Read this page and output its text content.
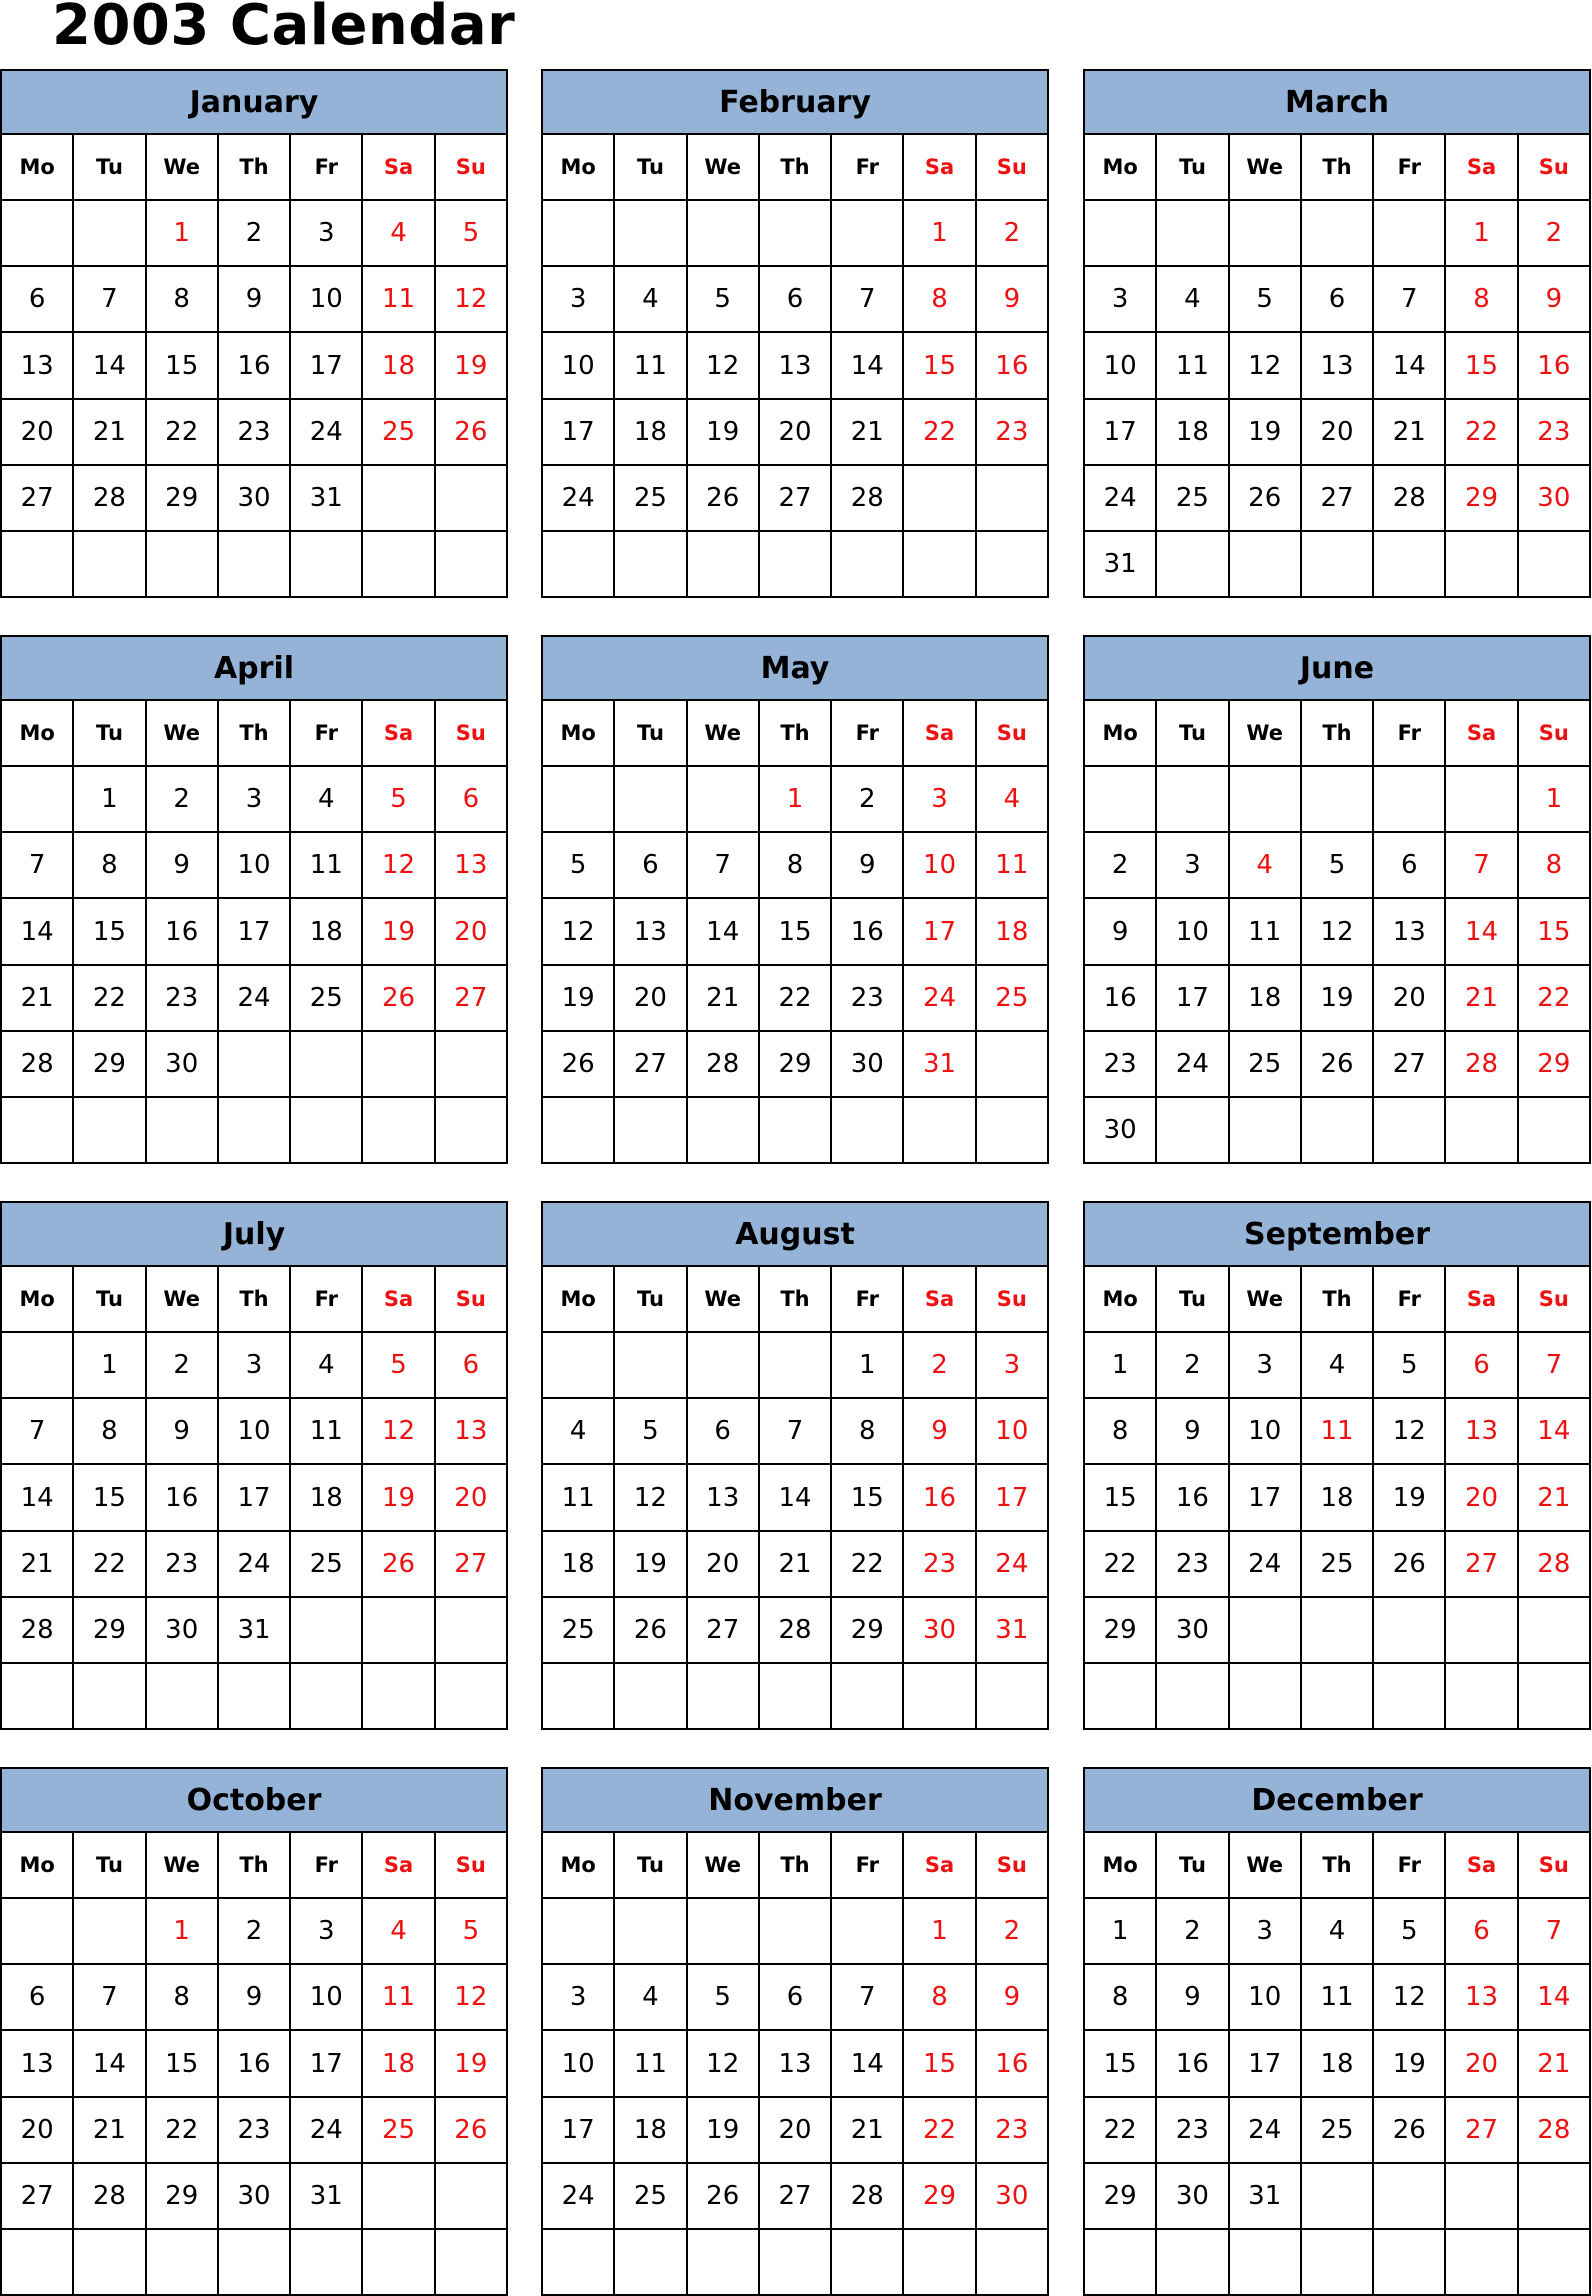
2003 Calendar
January						
Mo	Tu	We	Th	Fr	Sa	Su
		1	2	3	4	5
6	7	8	9	10	11	12
13	14	15	16	17	18	19
20	21	22	23	24	25	26
27	28	29	30	31		

February						
Mo	Tu	We	Th	Fr	Sa	Su
					1	2
3	4	5	6	7	8	9
10	11	12	13	14	15	16
17	18	19	20	21	22	23
24	25	26	27	28		

March						
Mo	Tu	We	Th	Fr	Sa	Su
					1	2
3	4	5	6	7	8	9
10	11	12	13	14	15	16
17	18	19	20	21	22	23
24	25	26	27	28	29	30
31						
April						
Mo	Tu	We	Th	Fr	Sa	Su
	1	2	3	4	5	6
7	8	9	10	11	12	13
14	15	16	17	18	19	20
21	22	23	24	25	26	27
28	29	30				

May						
Mo	Tu	We	Th	Fr	Sa	Su
			1	2	3	4
5	6	7	8	9	10	11
12	13	14	15	16	17	18
19	20	21	22	23	24	25
26	27	28	29	30	31	

June						
Mo	Tu	We	Th	Fr	Sa	Su
						1
2	3	4	5	6	7	8
9	10	11	12	13	14	15
16	17	18	19	20	21	22
23	24	25	26	27	28	29
30						
July						
Mo	Tu	We	Th	Fr	Sa	Su
	1	2	3	4	5	6
7	8	9	10	11	12	13
14	15	16	17	18	19	20
21	22	23	24	25	26	27
28	29	30	31			

August						
Mo	Tu	We	Th	Fr	Sa	Su
				1	2	3
4	5	6	7	8	9	10
11	12	13	14	15	16	17
18	19	20	21	22	23	24
25	26	27	28	29	30	31

September						
Mo	Tu	We	Th	Fr	Sa	Su
1	2	3	4	5	6	7
8	9	10	11	12	13	14
15	16	17	18	19	20	21
22	23	24	25	26	27	28
29	30					

October						
Mo	Tu	We	Th	Fr	Sa	Su
		1	2	3	4	5
6	7	8	9	10	11	12
13	14	15	16	17	18	19
20	21	22	23	24	25	26
27	28	29	30	31		

November						
Mo	Tu	We	Th	Fr	Sa	Su
					1	2
3	4	5	6	7	8	9
10	11	12	13	14	15	16
17	18	19	20	21	22	23
24	25	26	27	28	29	30

December						
Mo	Tu	We	Th	Fr	Sa	Su
1	2	3	4	5	6	7
8	9	10	11	12	13	14
15	16	17	18	19	20	21
22	23	24	25	26	27	28
29	30	31				
